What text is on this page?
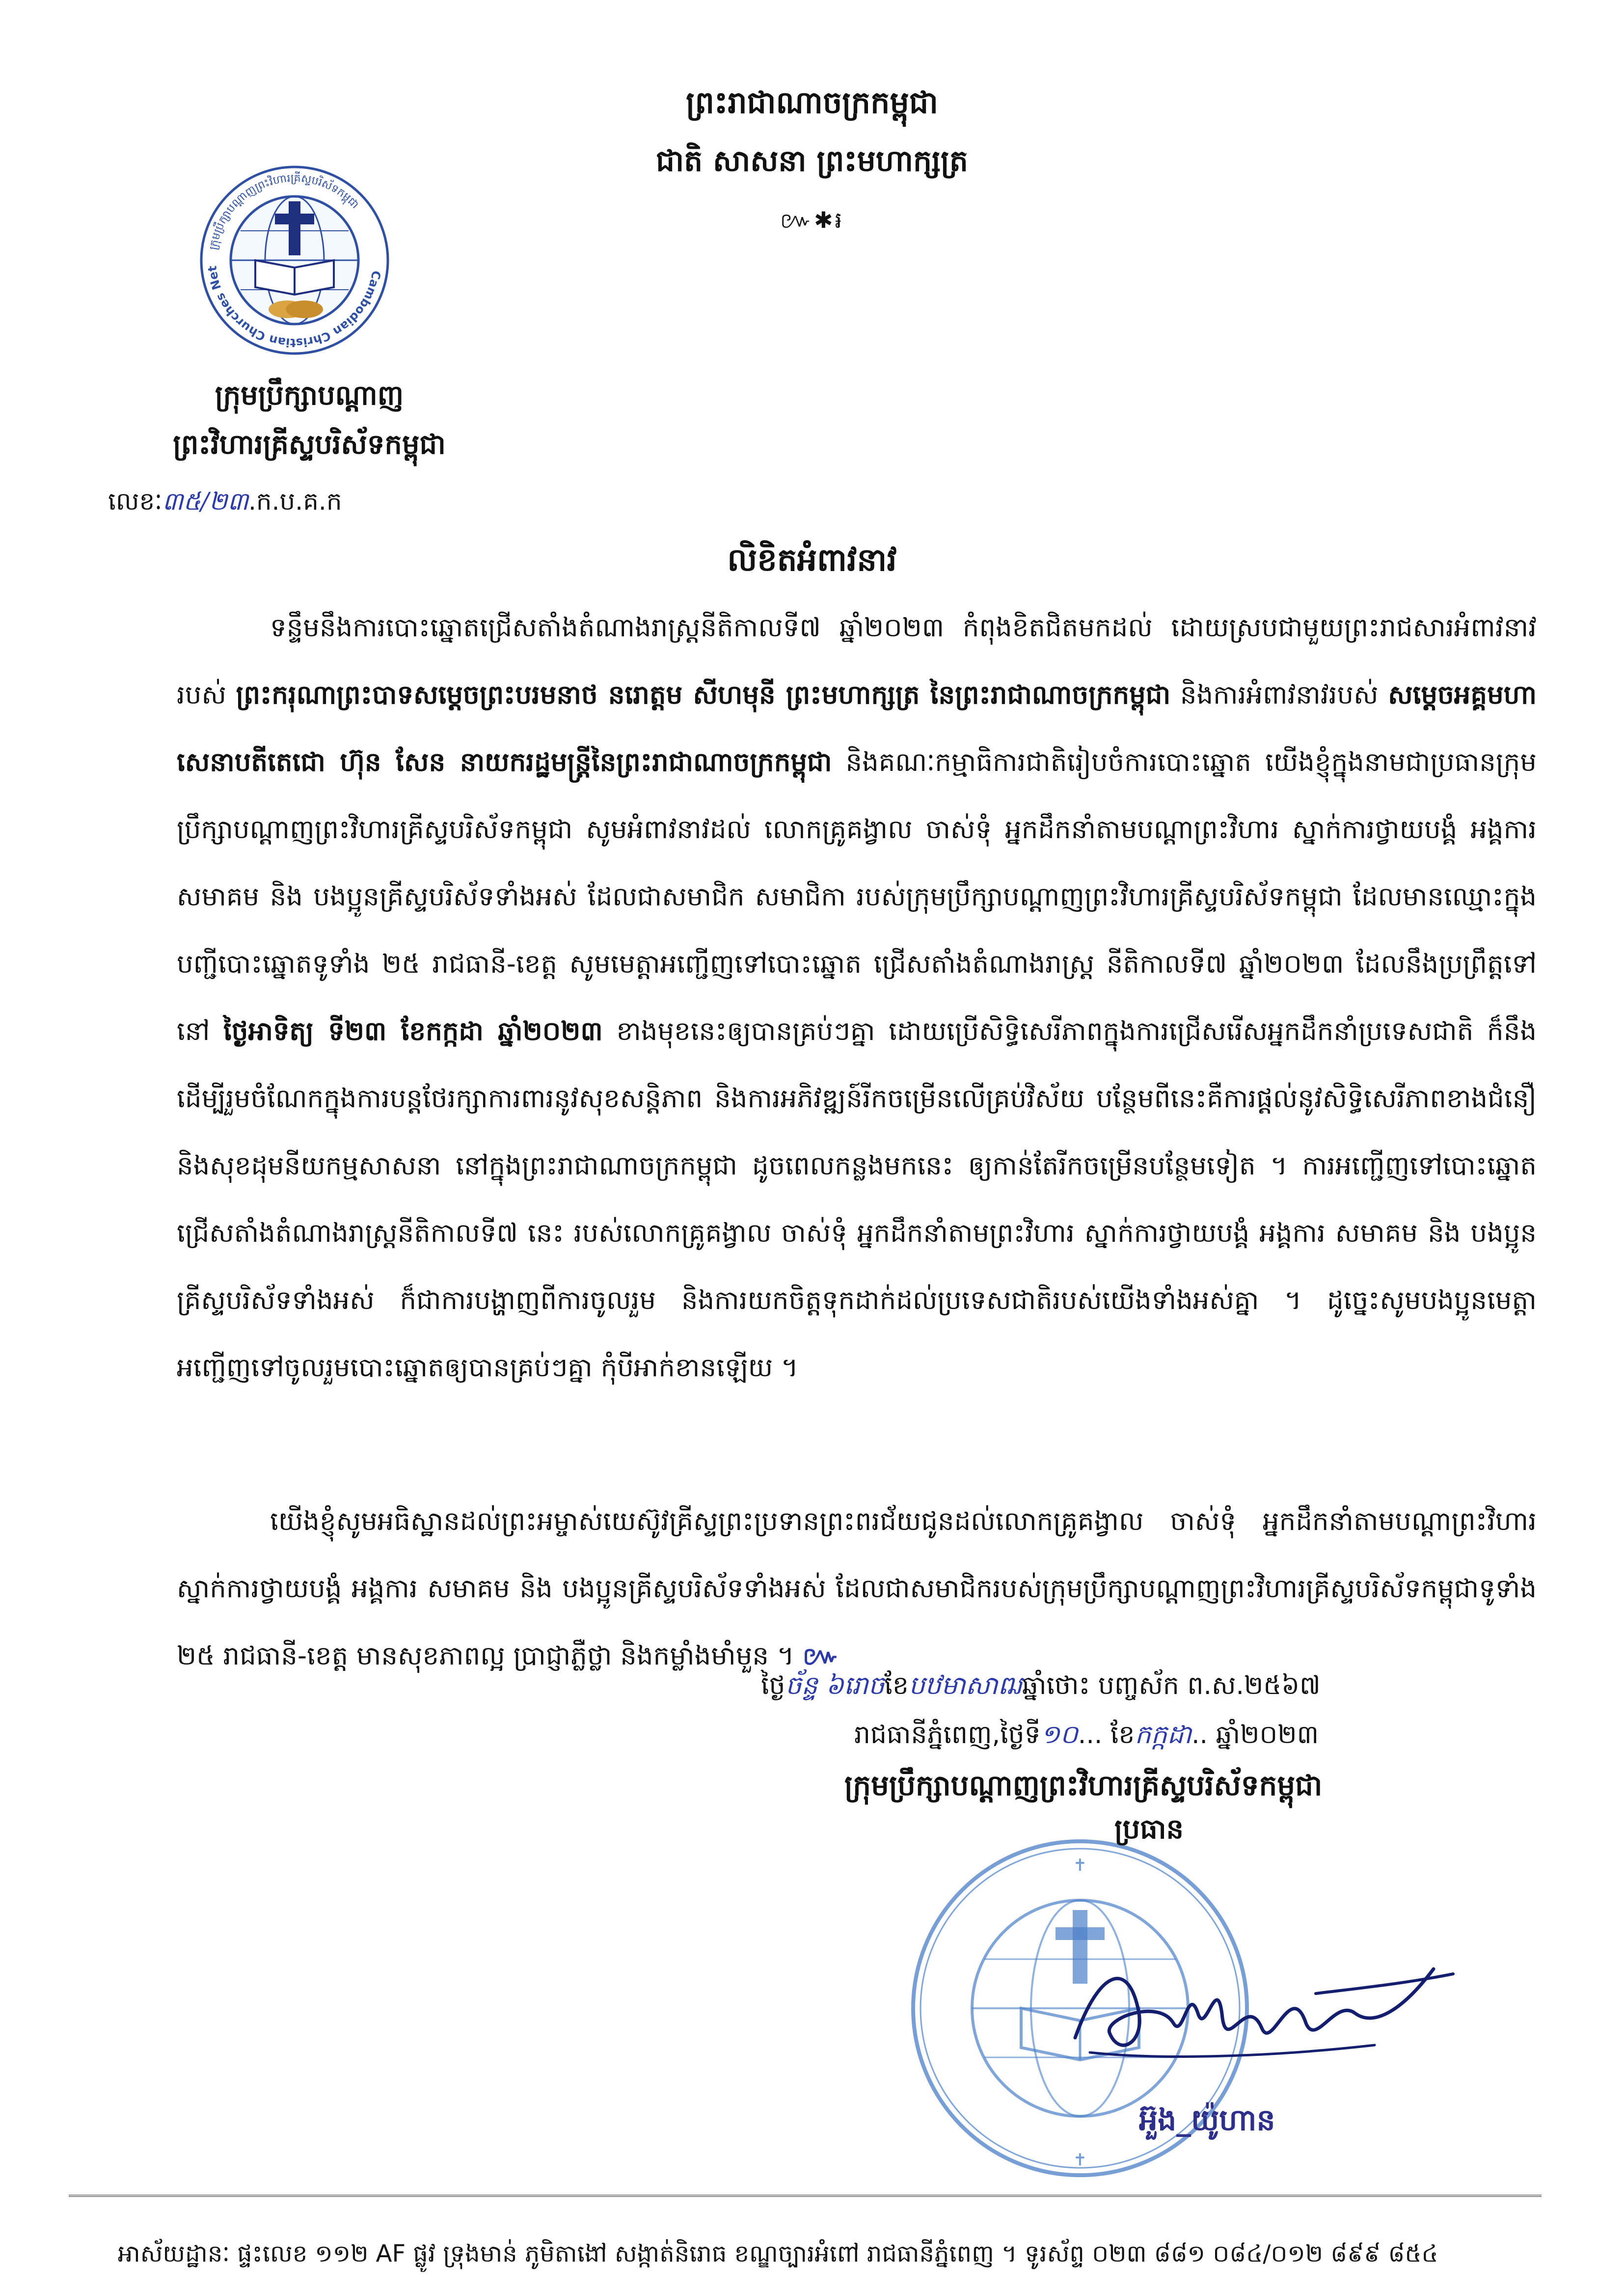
ព្រះរាជាណាចក្រកម្ពុជា
ជាតិ សាសនា ព្រះមហាក្សត្រ
៚✱៛
Cambodian Christian Churches Net
ក្រុមប្រឹក្សាបណ្តាញព្រះវិហារគ្រីស្ទបរិស័ទកម្ពុជា
ក្រុមប្រឹក្សាបណ្តាញ
ព្រះវិហារគ្រីស្ទបរិស័ទកម្ពុជា
លេខៈ៣៥/២៣.ក.ប.គ.ក
លិខិតអំពាវនាវ
ទន្ទឹមនឹងការបោះឆ្នោតជ្រើសតាំងតំណាងរាស្ត្រនីតិកាលទី៧ ឆ្នាំ២០២៣ កំពុងខិតជិតមកដល់ ដោយស្របជាមួយព្រះរាជសារអំពាវនាវរបស់ ព្រះករុណាព្រះបាទសម្តេចព្រះបរមនាថ នរោត្តម សីហមុនី ព្រះមហាក្សត្រ នៃព្រះរាជាណាចក្រកម្ពុជា និងការអំពាវនាវរបស់ សម្តេចអគ្គមហាសេនាបតីតេជោ ហ៊ុន សែន នាយករដ្ឋមន្ត្រីនៃព្រះរាជាណាចក្រកម្ពុជា និងគណៈកម្មាធិការជាតិរៀបចំការបោះឆ្នោត យើងខ្ញុំក្នុងនាមជាប្រធានក្រុមប្រឹក្សាបណ្តាញព្រះវិហារគ្រីស្ទបរិស័ទកម្ពុជា សូមអំពាវនាវដល់ លោកគ្រូគង្វាល ចាស់ទុំ អ្នកដឹកនាំតាមបណ្តាព្រះវិហារ ស្នាក់ការថ្វាយបង្គំ អង្គការ សមាគម និង បងប្អូនគ្រីស្ទបរិស័ទទាំងអស់ ដែលជាសមាជិក សមាជិកា របស់ក្រុមប្រឹក្សាបណ្តាញព្រះវិហារគ្រីស្ទបរិស័ទកម្ពុជា ដែលមានឈ្មោះក្នុងបញ្ជីបោះឆ្នោតទូទាំង ២៥ រាជធានី-ខេត្ត សូមមេត្តាអញ្ជើញទៅបោះឆ្នោត ជ្រើសតាំងតំណាងរាស្ត្រ នីតិកាលទី៧ ឆ្នាំ២០២៣ ដែលនឹងប្រព្រឹត្តទៅនៅ ថ្ងៃអាទិត្យ ទី២៣ ខែកក្កដា ឆ្នាំ២០២៣ ខាងមុខនេះឲ្យបានគ្រប់ៗគ្នា ដោយប្រើសិទ្ធិសេរីភាពក្នុងការជ្រើសរើសអ្នកដឹកនាំប្រទេសជាតិ ក៏នឹងដើម្បីរួមចំណែកក្នុងការបន្តថែរក្សាការពារនូវសុខសន្តិភាព និងការអភិវឌ្ឍន៍រីកចម្រើនលើគ្រប់វិស័យ បន្ថែមពីនេះគឺការផ្តល់នូវសិទ្ធិសេរីភាពខាងជំនឿ និងសុខដុមនីយកម្មសាសនា នៅក្នុងព្រះរាជាណាចក្រកម្ពុជា ដូចពេលកន្លងមកនេះ ឲ្យកាន់តែរីកចម្រើនបន្ថែមទៀត ។ ការអញ្ជើញទៅបោះឆ្នោតជ្រើសតាំងតំណាងរាស្ត្រនីតិកាលទី៧ នេះ របស់លោកគ្រូគង្វាល ចាស់ទុំ អ្នកដឹកនាំតាមព្រះវិហារ ស្នាក់ការថ្វាយបង្គំ អង្គការ សមាគម និង បងប្អូនគ្រីស្ទបរិស័ទទាំងអស់ ក៏ជាការបង្ហាញពីការចូលរួម និងការយកចិត្តទុកដាក់ដល់ប្រទេសជាតិរបស់យើងទាំងអស់គ្នា ។ ដូច្នេះសូមបងប្អូនមេត្តាអញ្ជើញទៅចូលរួមបោះឆ្នោតឲ្យបានគ្រប់ៗគ្នា កុំបីអាក់ខានឡើយ ។
យើងខ្ញុំសូមអធិស្ឋានដល់ព្រះអម្ចាស់យេស៊ូវគ្រីស្ទព្រះប្រទានព្រះពរជ័យជូនដល់លោកគ្រូគង្វាល ចាស់ទុំ អ្នកដឹកនាំតាមបណ្តាព្រះវិហារ ស្នាក់ការថ្វាយបង្គំ អង្គការ សមាគម និង បងប្អូនគ្រីស្ទបរិស័ទទាំងអស់ ដែលជាសមាជិករបស់ក្រុមប្រឹក្សាបណ្តាញព្រះវិហារគ្រីស្ទបរិស័ទកម្ពុជាទូទាំង ២៥ រាជធានី-ខេត្ត មានសុខភាពល្អ ប្រាជ្ញាភ្លឺថ្លា និងកម្លាំងមាំមួន ។ ៚
ថ្ងៃច័ន្ទ ៦រោចខែបឋមាសាឍឆ្នាំថោះ បញ្ចស័ក ព.ស.២៥៦៧
រាជធានីភ្នំពេញ,ថ្ងៃទី១០... ខែកក្កដា.. ឆ្នាំ២០២៣
✝
✝
ក្រុមប្រឹក្សាបណ្តាញព្រះវិហារគ្រីស្ទបរិស័ទកម្ពុជា
ប្រធាន
អ៊ួង_យ៉ូហាន
អាស័យដ្ឋានៈ ផ្ទះលេខ ១១២ AF ផ្លូវ ទ្រុងមាន់ ភូមិតាងៅ សង្កាត់និរោធ ខណ្ឌច្បារអំពៅ រាជធានីភ្នំពេញ ។ ទូរស័ព្ទ ០២៣ ៨៨១ ០៨៤/០១២ ៨៩៩ ៨៥៤
